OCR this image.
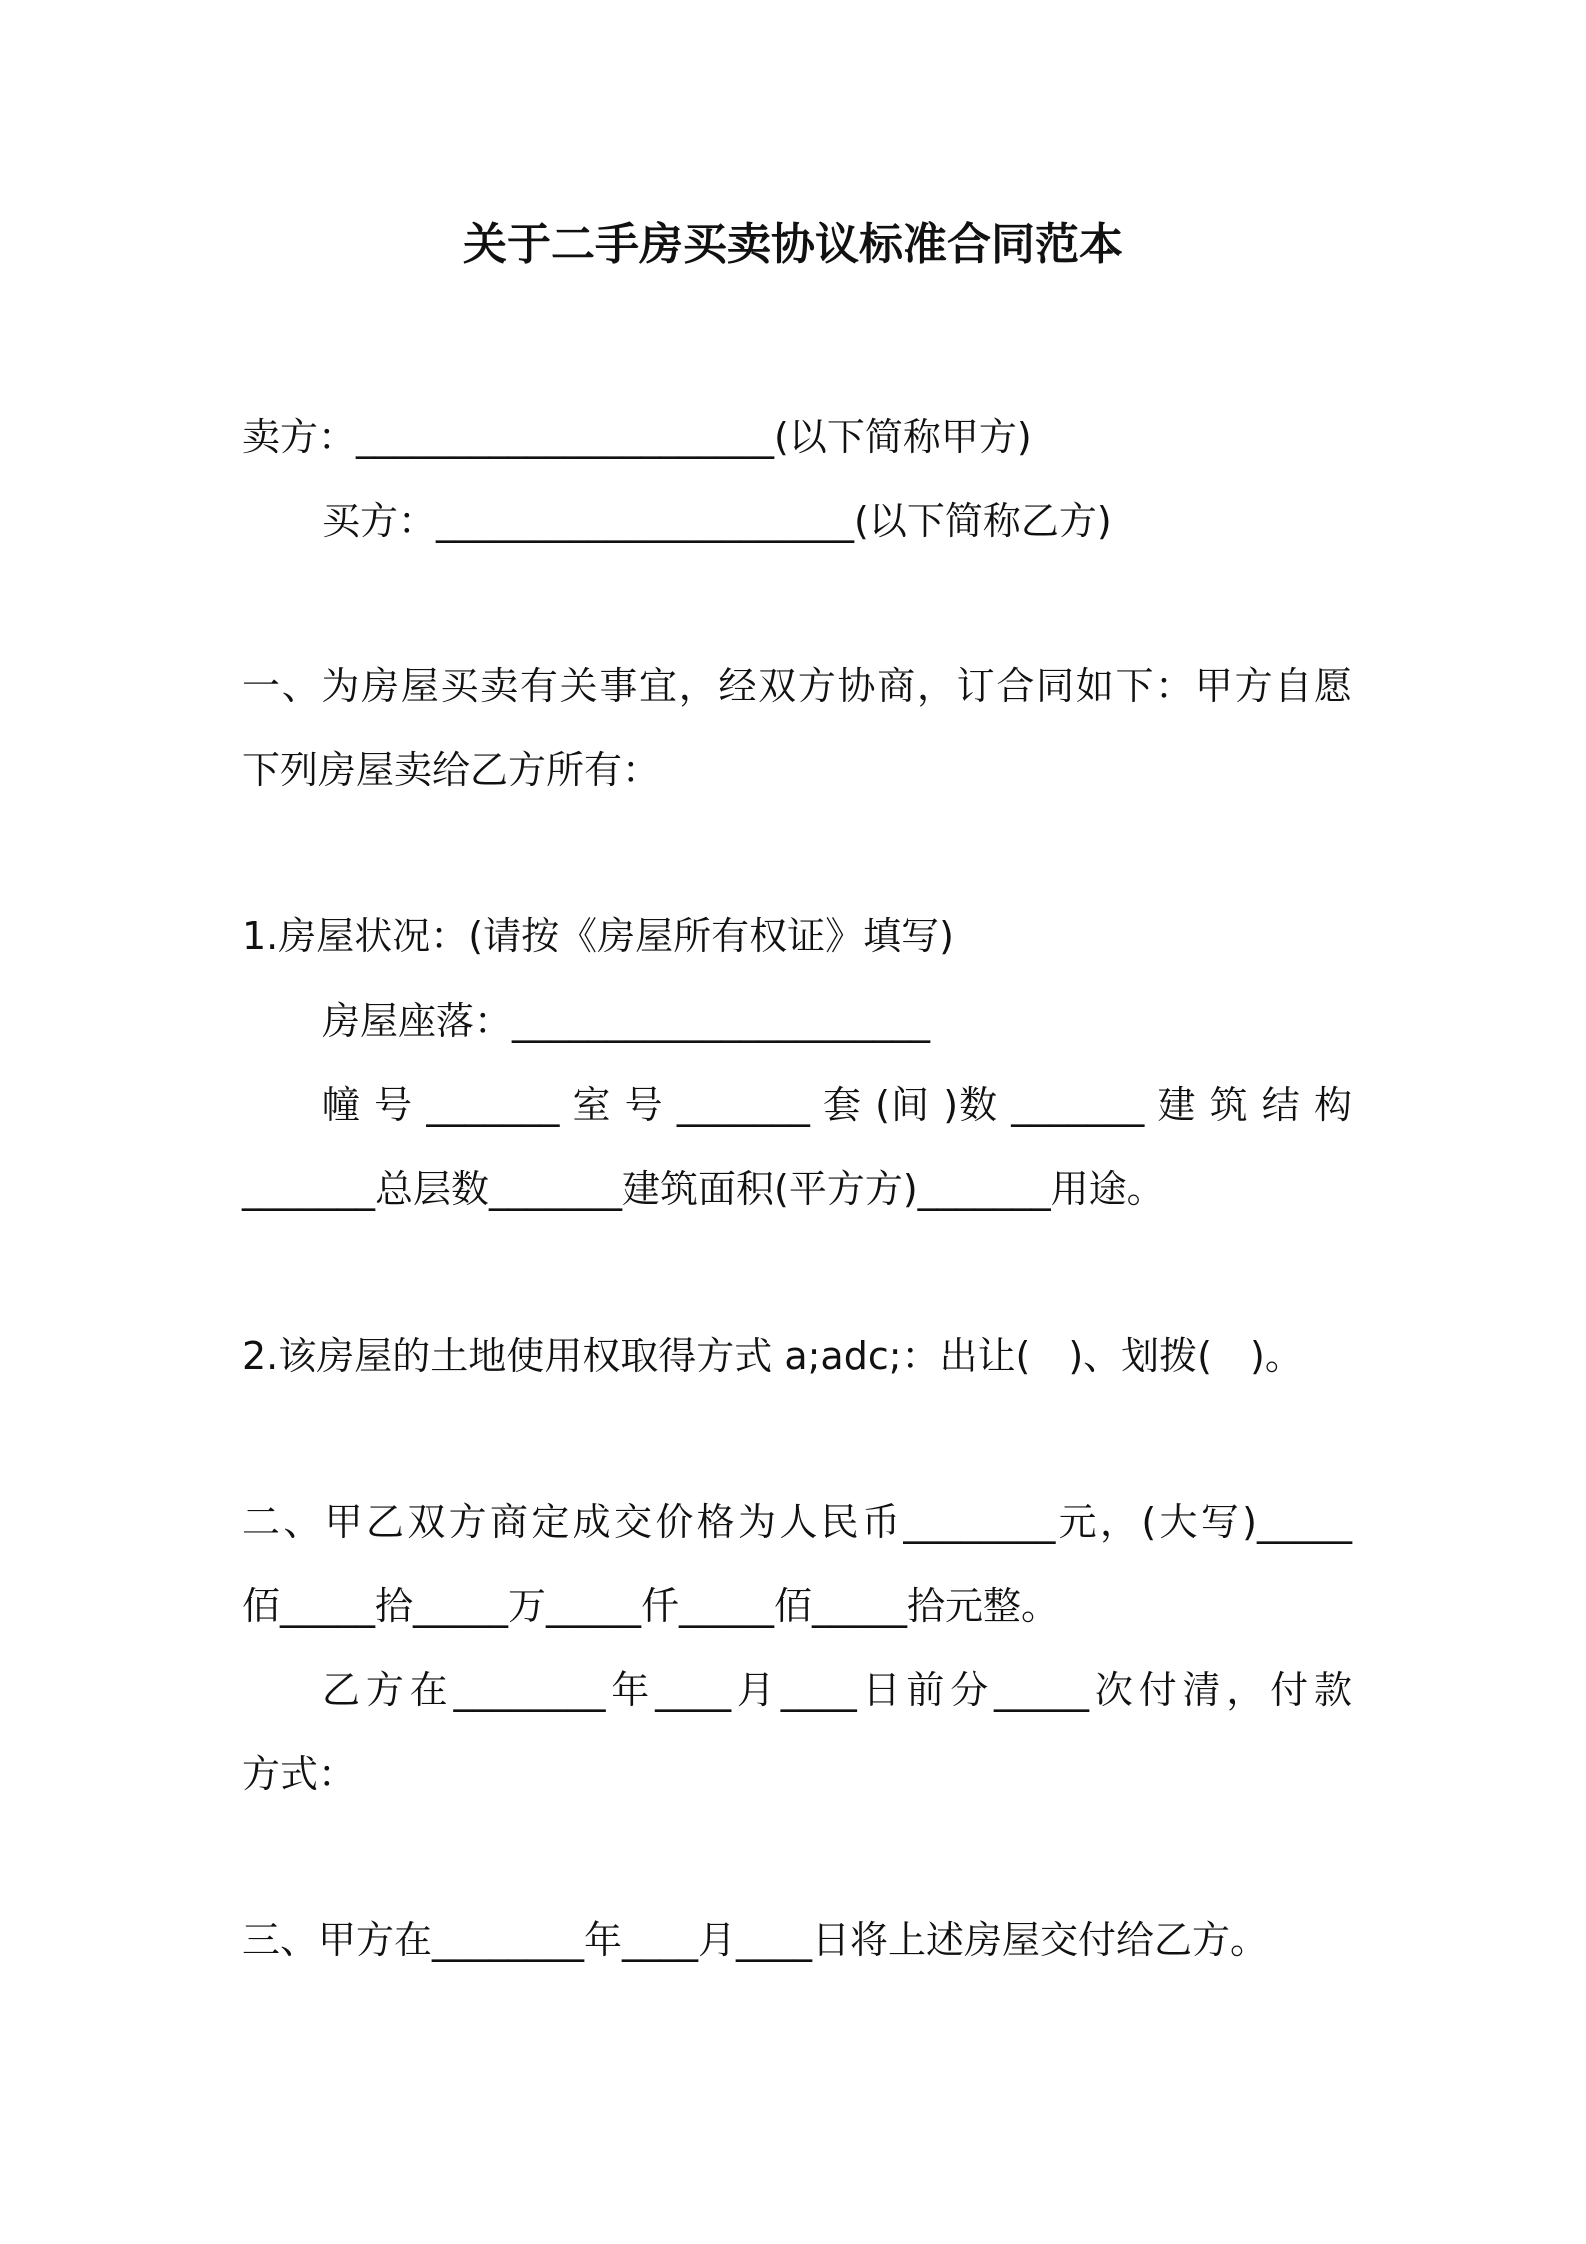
关于二手房买卖协议标准合同范本
卖方：______________________(以下简称甲方)
买方：______________________(以下简称乙方)
一、为房屋买卖有关事宜，经双方协商，订合同如下：甲方自愿
下列房屋卖给乙方所有：
1.房屋状况：(请按《房屋所有权证》填写)
房屋座落：______________________
幢 号 _______ 室 号 _______ 套 (间 )数 _______ 建 筑 结 构
_______总层数_______建筑面积(平方方)_______用途。
2.该房屋的土地使用权取得方式 a;adc;：出让(　)、划拨(　)。
二、甲乙双方商定成交价格为人民币________元，(大写)_____
佰_____拾_____万_____仟_____佰_____拾元整。
乙方在________年____月____日前分_____次付清，付款
方式：
三、甲方在________年____月____日将上述房屋交付给乙方。
